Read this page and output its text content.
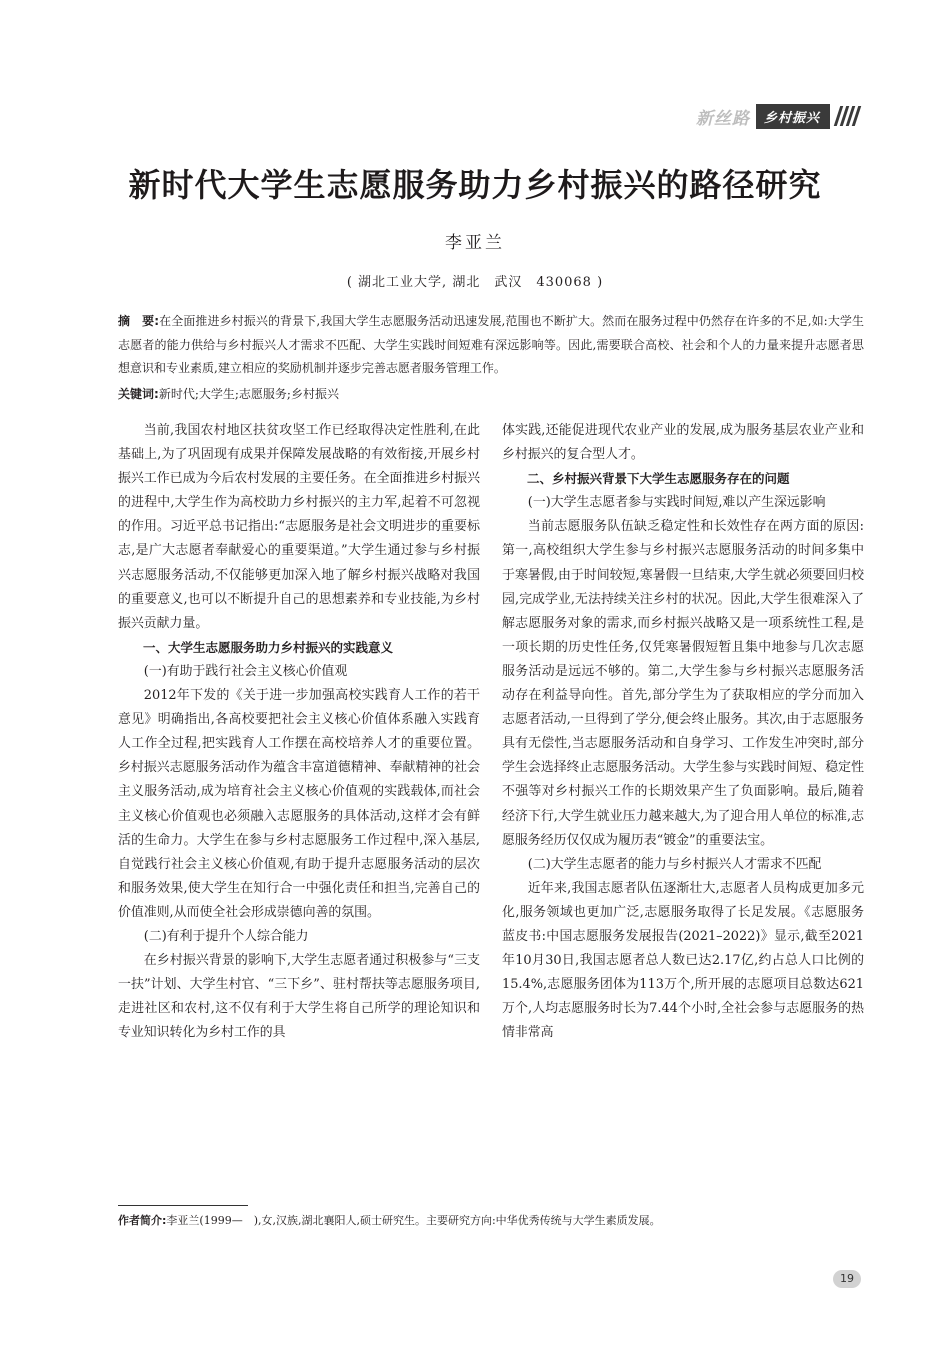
新丝路	乡村振兴
新时代大学生志愿服务助力乡村振兴的路径研究
李亚兰
( 湖北工业大学, 湖北　武汉　430068 )

摘　要:在全面推进乡村振兴的背景下,我国大学生志愿服务活动迅速发展,范围也不断扩大。然而在服务过程中仍然存在许多的不足,如:大学生志愿者的能力供给与乡村振兴人才需求不匹配、大学生实践时间短难有深远影响等。因此,需要联合高校、社会和个人的力量来提升志愿者思想意识和专业素质,建立相应的奖励机制并逐步完善志愿者服务管理工作。

关键词:新时代;大学生;志愿服务;乡村振兴

当前,我国农村地区扶贫攻坚工作已经取得决定性胜利,在此基础上,为了巩固现有成果并保障发展战略的有效衔接,开展乡村振兴工作已成为今后农村发展的主要任务。在全面推进乡村振兴的进程中,大学生作为高校助力乡村振兴的主力军,起着不可忽视的作用。习近平总书记指出:“志愿服务是社会文明进步的重要标志,是广大志愿者奉献爱心的重要渠道。”大学生通过参与乡村振兴志愿服务活动,不仅能够更加深入地了解乡村振兴战略对我国的重要意义,也可以不断提升自己的思想素养和专业技能,为乡村振兴贡献力量。

一、大学生志愿服务助力乡村振兴的实践意义
(一)有助于践行社会主义核心价值观

2012年下发的《关于进一步加强高校实践育人工作的若干意见》明确指出,各高校要把社会主义核心价值体系融入实践育人工作全过程,把实践育人工作摆在高校培养人才的重要位置。乡村振兴志愿服务活动作为蕴含丰富道德精神、奉献精神的社会主义服务活动,成为培育社会主义核心价值观的实践载体,而社会主义核心价值观也必须融入志愿服务的具体活动,这样才会有鲜活的生命力。大学生在参与乡村志愿服务工作过程中,深入基层,自觉践行社会主义核心价值观,有助于提升志愿服务活动的层次和服务效果,使大学生在知行合一中强化责任和担当,完善自己的价值准则,从而使全社会形成崇德向善的氛围。

(二)有利于提升个人综合能力

在乡村振兴背景的影响下,大学生志愿者通过积极参与“三支一扶”计划、大学生村官、“三下乡”、驻村帮扶等志愿服务项目,走进社区和农村,这不仅有利于大学生将自己所学的理论知识和专业知识转化为乡村工作的具

体实践,还能促进现代农业产业的发展,成为服务基层农业产业和乡村振兴的复合型人才。

二、乡村振兴背景下大学生志愿服务存在的问题
(一)大学生志愿者参与实践时间短,难以产生深远影响

当前志愿服务队伍缺乏稳定性和长效性存在两方面的原因:第一,高校组织大学生参与乡村振兴志愿服务活动的时间多集中于寒暑假,由于时间较短,寒暑假一旦结束,大学生就必须要回归校园,完成学业,无法持续关注乡村的状况。因此,大学生很难深入了解志愿服务对象的需求,而乡村振兴战略又是一项系统性工程,是一项长期的历史性任务,仅凭寒暑假短暂且集中地参与几次志愿服务活动是远远不够的。第二,大学生参与乡村振兴志愿服务活动存在利益导向性。首先,部分学生为了获取相应的学分而加入志愿者活动,一旦得到了学分,便会终止服务。其次,由于志愿服务具有无偿性,当志愿服务活动和自身学习、工作发生冲突时,部分学生会选择终止志愿服务活动。大学生参与实践时间短、稳定性不强等对乡村振兴工作的长期效果产生了负面影响。最后,随着经济下行,大学生就业压力越来越大,为了迎合用人单位的标准,志愿服务经历仅仅成为履历表“镀金”的重要法宝。

(二)大学生志愿者的能力与乡村振兴人才需求不匹配

近年来,我国志愿者队伍逐渐壮大,志愿者人员构成更加多元化,服务领域也更加广泛,志愿服务取得了长足发展。《志愿服务蓝皮书:中国志愿服务发展报告(2021–2022)》显示,截至2021年10月30日,我国志愿者总人数已达2.17亿,约占总人口比例的15.4%,志愿服务团体为113万个,所开展的志愿项目总数达621万个,人均志愿服务时长为7.44个小时,全社会参与志愿服务的热情非常高

作者简介:李亚兰(1999—　),女,汉族,湖北襄阳人,硕士研究生。主要研究方向:中华优秀传统与大学生素质发展。
19
